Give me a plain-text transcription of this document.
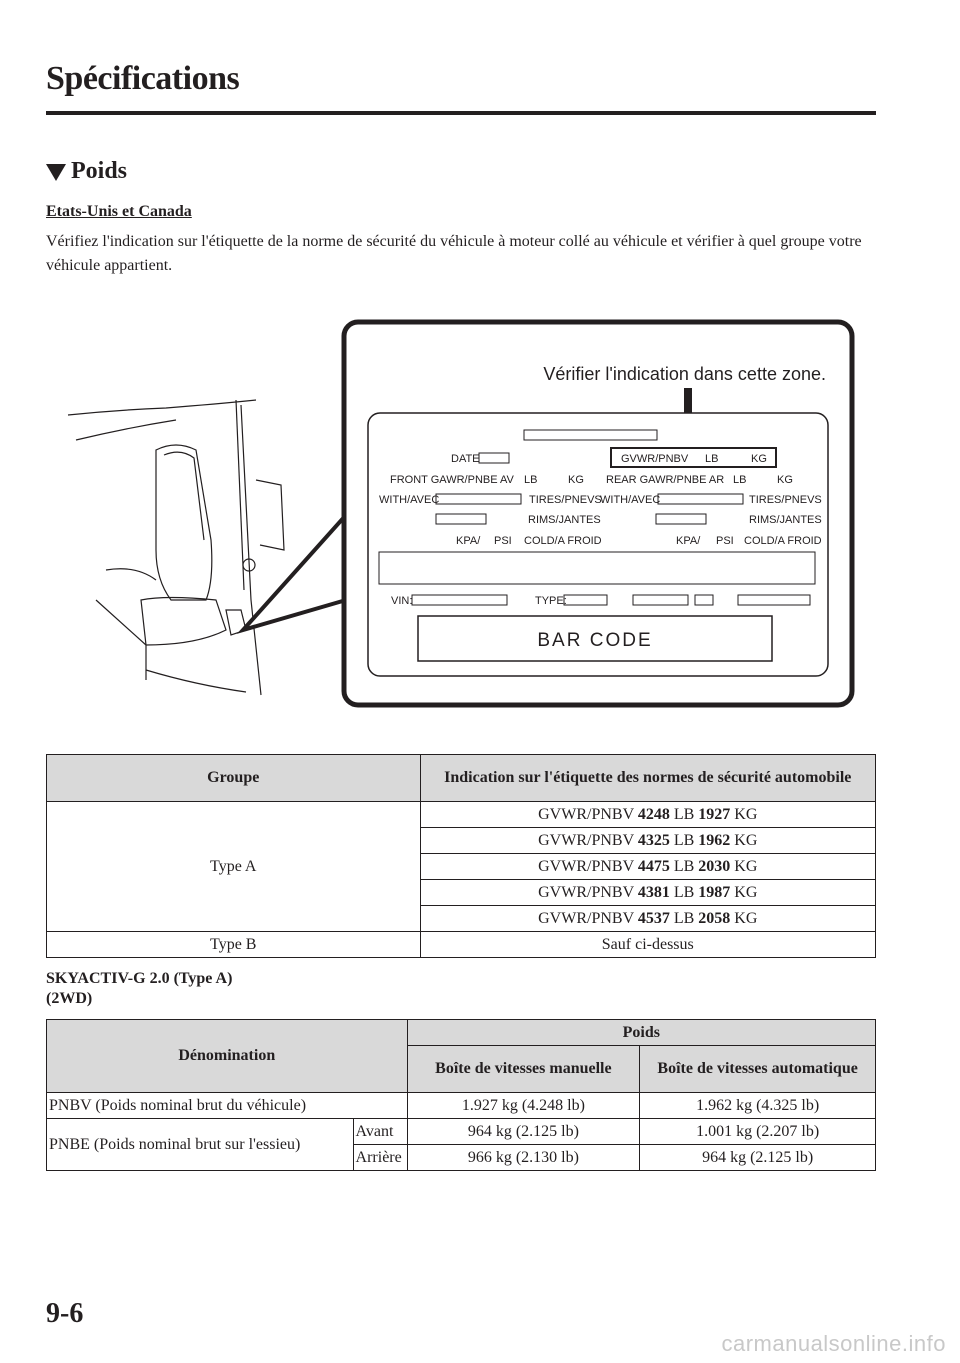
Spécifications
Poids
Etats-Unis et Canada
Vérifiez l'indication sur l'étiquette de la norme de sécurité du véhicule à moteur collé au véhicule et vérifier à quel groupe votre véhicule appartient.
Vérifier l'indication dans cette zone.
DATE	GVWR/PNBV LB	KG
FRONT GAWR/PNBE AV LB	KG REAR GAWR/PNBE AR LB	KG
WITH/AVEC	TIRES/PNEVS
WITH/AVEC	TIRES/PNEVS
RIMS/JANTES	RIMS/JANTES
KPA/ PSI COLD/A FROID	KPA/ PSI COLD/A FROID
VIN:	TYPE:
BAR CODE
Groupe	Indication sur l'étiquette des normes de sécurité automobile
Type A	GVWR/PNBV 4248 LB 1927 KG
	GVWR/PNBV 4325 LB 1962 KG
	GVWR/PNBV 4475 LB 2030 KG
	GVWR/PNBV 4381 LB 1987 KG
	GVWR/PNBV 4537 LB 2058 KG
Type B	Sauf ci-dessus
SKYACTIV-G 2.0 (Type A)
(2WD)
Dénomination		Poids	
		Boîte de vitesses manuelle	Boîte de vitesses automatique
PNBV (Poids nominal brut du véhicule)		1.927 kg (4.248 lb)	1.962 kg (4.325 lb)
PNBE (Poids nominal brut sur l'essieu)	Avant	964 kg (2.125 lb)	1.001 kg (2.207 lb)
	Arrière	966 kg (2.130 lb)	964 kg (2.125 lb)
9-6
carmanualsonline.info
